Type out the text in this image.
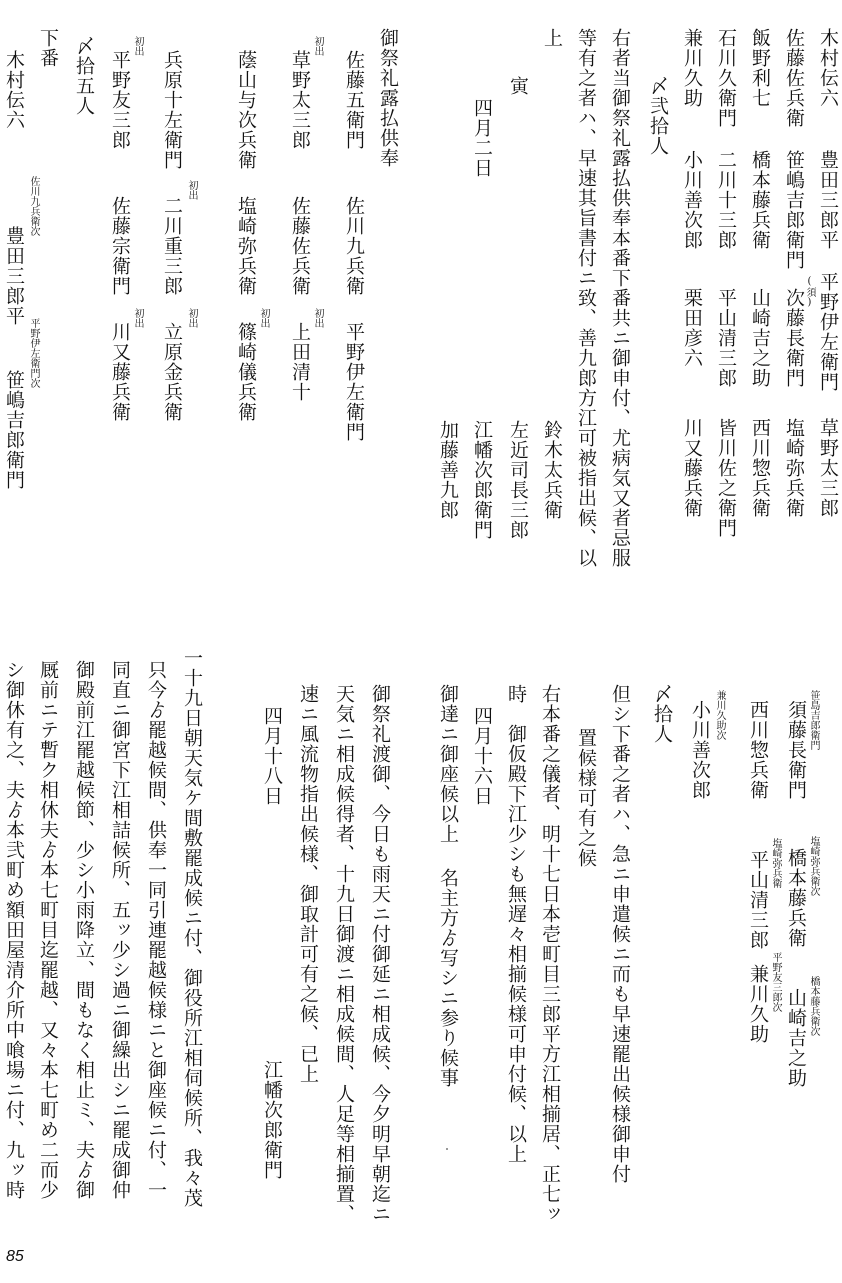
木村伝六
豊田三郎平
平野伊左衛門
草野太三郎
佐藤佐兵衛
笹嶋吉郎衛門
(須)
次藤長衛門
塩崎弥兵衛
飯野利七
橋本藤兵衛
山崎吉之助
西川惣兵衛
石川久衛門
二川十三郎
平山清三郎
皆川佐之衛門
兼川久助
小川善次郎
栗田彦六
川又藤兵衛
〆弐拾人
右者当御祭礼露払供奉本番下番共ニ御申付、尤病気又者忌服
等有之者ハ、早速其旨書付ニ致、善九郎方江可被指出候、以
上
鈴木太兵衛
寅
左近司長三郎
四月二日
江幡次郎衛門
加藤善九郎
御祭礼露払供奉
佐藤五衛門
佐川九兵衛
平野伊左衛門
初出
草野太三郎
佐藤佐兵衛
初出
上田清十
蔭山与次兵衛
塩崎弥兵衛
初出
篠崎儀兵衛
兵原十左衛門
初出
二川重三郎
初出
立原金兵衛
初出
平野友三郎
佐藤宗衛門
初出
川又藤兵衛
〆拾五人
下番
木村伝六
佐川九兵衛次
豊田三郎平
平野伊左衛門次
笹嶋吉郎衛門
笹島吉郎衛門
須藤長衛門
塩崎弥兵衛次
橋本藤兵衛
橋本藤兵衛次
山崎吉之助
西川惣兵衛
塩崎弥兵衛
平山清三郎
平野友三郎次
兼川久助
兼川久助次
小川善次郎
〆拾人
但シ下番之者ハ、急ニ申遣候ニ而も早速罷出候様御申付
置候様可有之候
右本番之儀者、明十七日本壱町目三郎平方江相揃居、正七ッ
時　御仮殿下江少シも無遅々相揃候様可申付候、以上
四月十六日
御達ニ御座候以上
名主方ゟ写シニ参り候事
御祭礼渡御、今日も雨天ニ付御延ニ相成候、今夕明早朝迄ニ
天気ニ相成候得者、十九日御渡ニ相成候間、人足等相揃置、
速ニ風流物指出候様、御取計可有之候、已上
四月十八日
江幡次郎衛門
一十九日朝天気ケ間敷罷成候ニ付、御役所江相伺候所、我々茂
只今ゟ罷越候間、供奉一同引連罷越候様ニと御座候ニ付、一
同直ニ御宮下江相詰候所、五ッ少シ過ニ御繰出シニ罷成御仲
御殿前江罷越候節、少シ小雨降立、間もなく相止ミ、夫ゟ御
厩前ニテ暫ク相休夫ゟ本七町目迄罷越、又々本七町め二而少
シ御休有之、夫ゟ本弐町め額田屋清介所中喰場ニ付、九ッ時
85
